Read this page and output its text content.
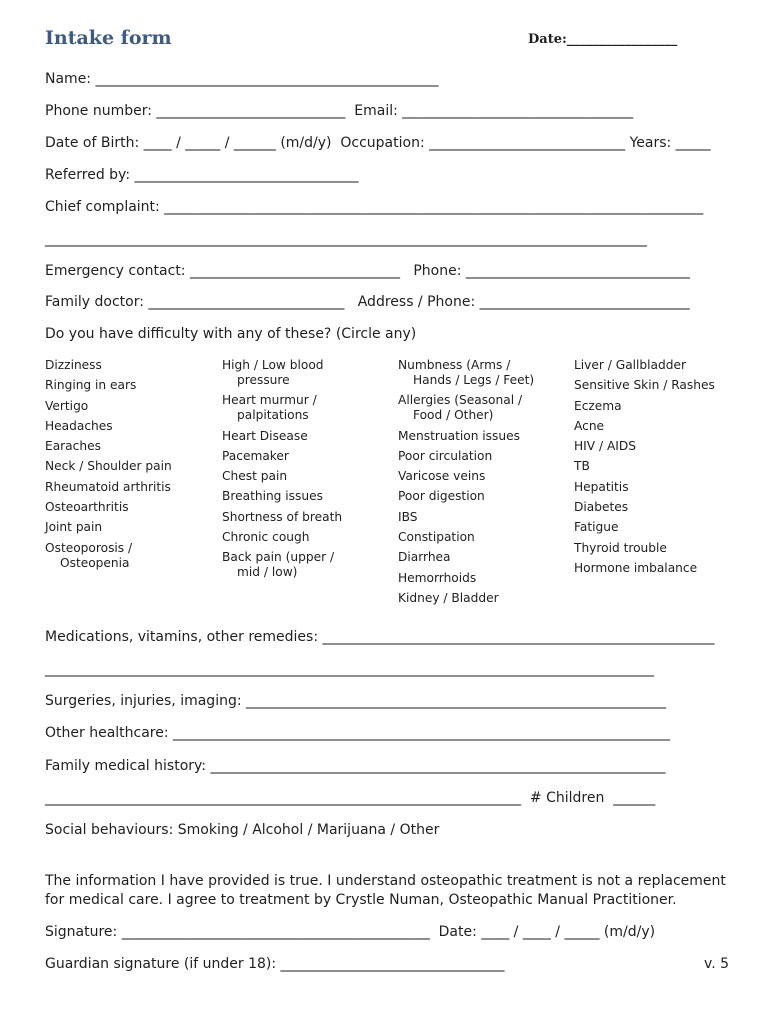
Intake form	Date:_________________
Name: _________________________________________________
Phone number: ___________________________  Email: _________________________________
Date of Birth: ____ / _____ / ______ (m/d/y)  Occupation: ____________________________ Years: _____
Referred by: ________________________________
Chief complaint: _____________________________________________________________________________
______________________________________________________________________________________
Emergency contact: ______________________________   Phone: ________________________________
Family doctor: ____________________________   Address / Phone: ______________________________
Do you have difficulty with any of these? (Circle any)
Dizziness
Ringing in ears
Vertigo
Headaches
Earaches
Neck / Shoulder pain
Rheumatoid arthritis
Osteoarthritis
Joint pain
Osteoporosis /
Osteopenia
High / Low blood
pressure
Heart murmur /
palpitations
Heart Disease
Pacemaker
Chest pain
Breathing issues
Shortness of breath
Chronic cough
Back pain (upper /
mid / low)
Numbness (Arms /
Hands / Legs / Feet)
Allergies (Seasonal /
Food / Other)
Menstruation issues
Poor circulation
Varicose veins
Poor digestion
IBS
Constipation
Diarrhea
Hemorrhoids
Kidney / Bladder
Liver / Gallbladder
Sensitive Skin / Rashes
Eczema
Acne
HIV / AIDS
TB
Hepatitis
Diabetes
Fatigue
Thyroid trouble
Hormone imbalance
Medications, vitamins, other remedies: ________________________________________________________
_______________________________________________________________________________________
Surgeries, injuries, imaging: ____________________________________________________________
Other healthcare: _______________________________________________________________________
Family medical history: _________________________________________________________________
____________________________________________________________________  # Children  ______
Social behaviours: Smoking / Alcohol / Marijuana / Other
The information I have provided is true. I understand osteopathic treatment is not a replacement
for medical care. I agree to treatment by Crystle Numan, Osteopathic Manual Practitioner.
Signature: ____________________________________________  Date: ____ / ____ / _____ (m/d/y)
Guardian signature (if under 18): ________________________________	v. 5
